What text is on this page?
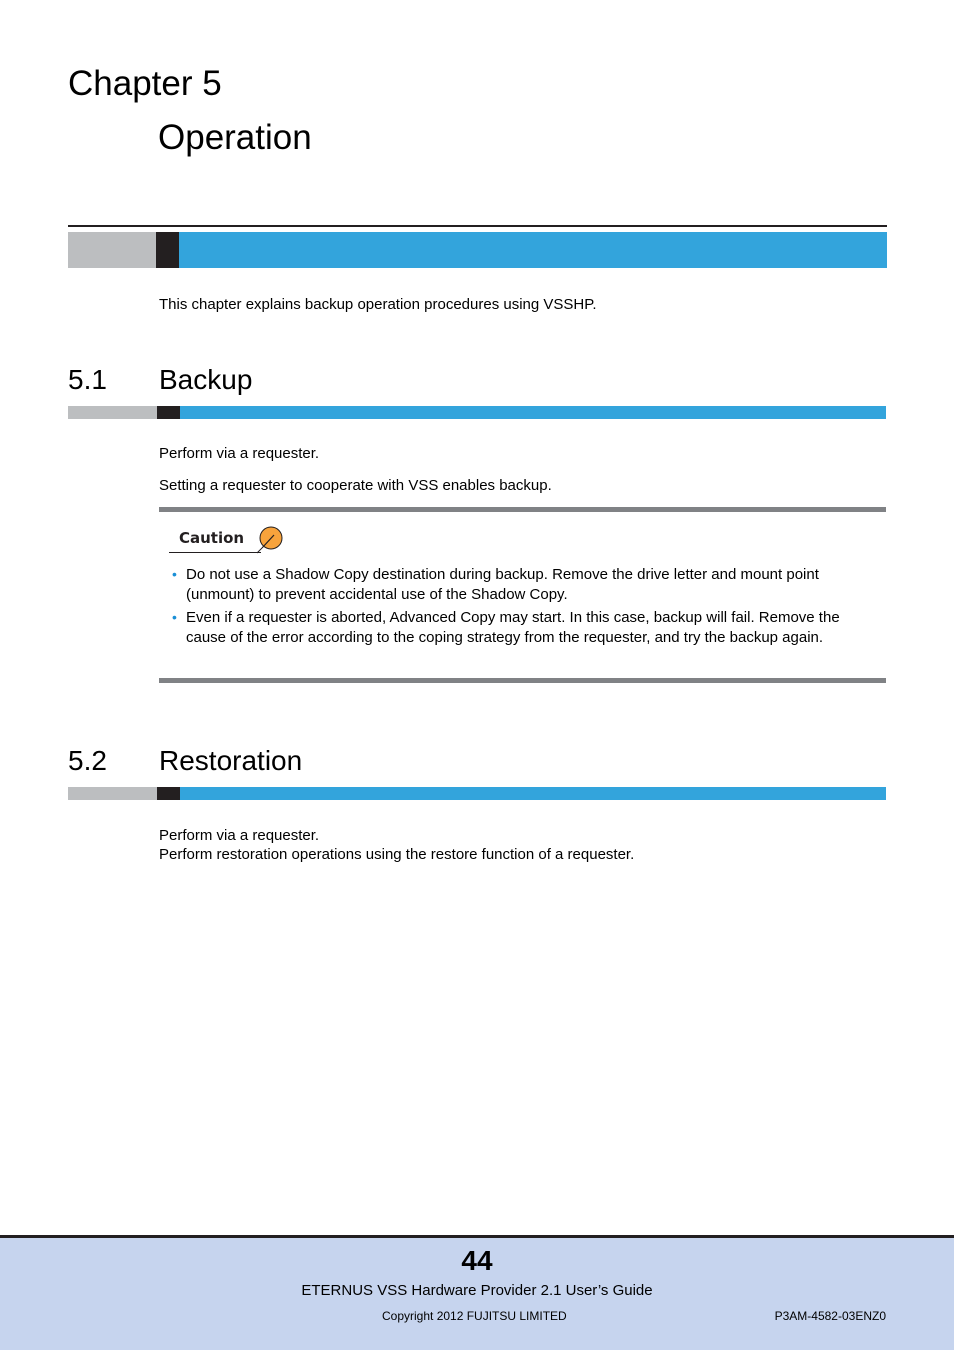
Chapter 5
Operation
This chapter explains backup operation procedures using VSSHP.
5.1 Backup
Perform via a requester.
Setting a requester to cooperate with VSS enables backup.
Caution
• Do not use a Shadow Copy destination during backup. Remove the drive letter and mount point (unmount) to prevent accidental use of the Shadow Copy.
• Even if a requester is aborted, Advanced Copy may start. In this case, backup will fail. Remove the cause of the error according to the coping strategy from the requester, and try the backup again.
5.2 Restoration
Perform via a requester.
Perform restoration operations using the restore function of a requester.
44
ETERNUS VSS Hardware Provider 2.1 User’s Guide
Copyright 2012 FUJITSU LIMITED	P3AM-4582-03ENZ0
